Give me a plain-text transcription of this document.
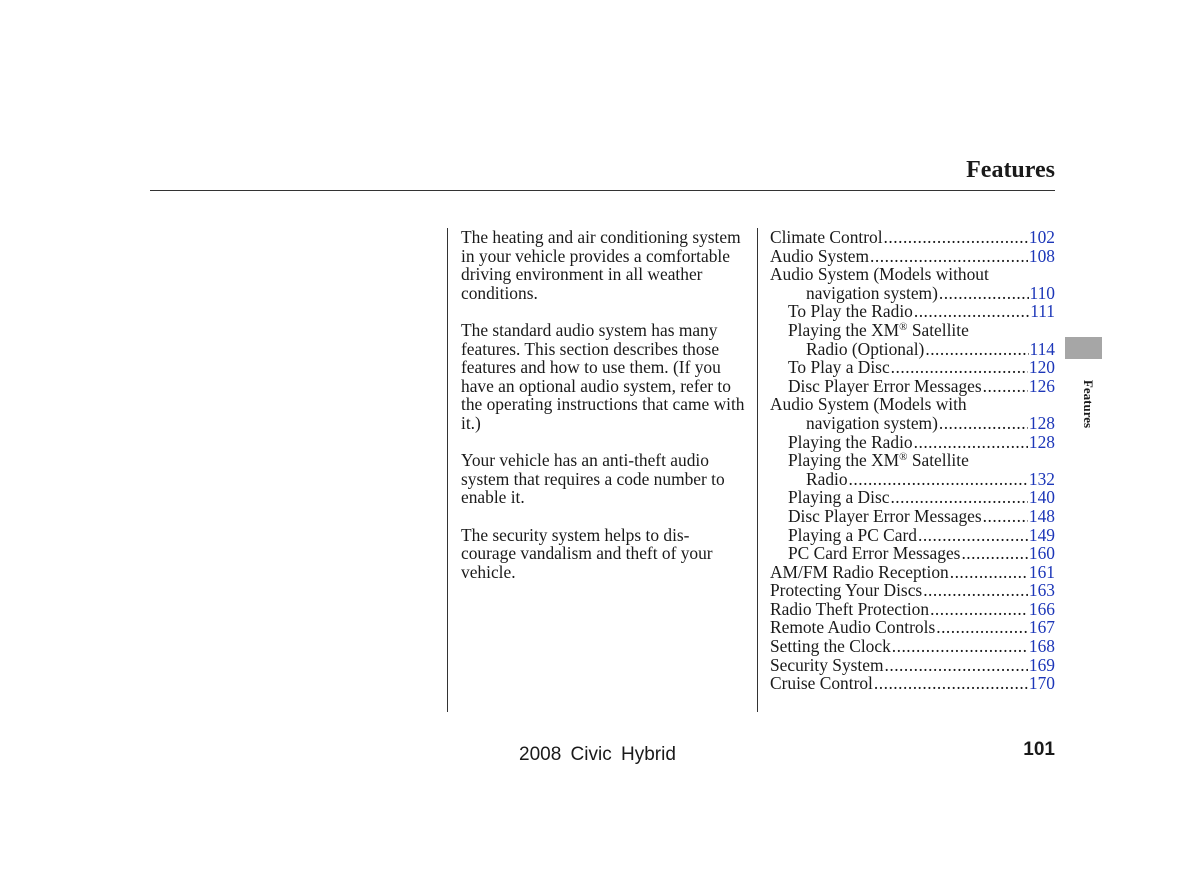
Features

The heating and air conditioning system in your vehicle provides a comfortable driving environment in all weather conditions.

The standard audio system has many features. This section describes those features and how to use them. (If you have an optional audio system, refer to the operating instructions that came with it.)

Your vehicle has an anti-theft audio system that requires a code number to enable it.

The security system helps to dis- courage vandalism and theft of your vehicle.

Climate Control .....	102
Audio System .....	108
Audio System (Models without
navigation system) .....	110
To Play the Radio .....	111
Playing the XM® Satellite
Radio (Optional) .....	114
To Play a Disc .....	120
Disc Player Error Messages .....	126
Audio System (Models with
navigation system) .....	128
Playing the Radio .....	128
Playing the XM® Satellite
Radio .....	132
Playing a Disc .....	140
Disc Player Error Messages .....	148
Playing a PC Card .....	149
PC Card Error Messages .....	160
AM/FM Radio Reception .....	161
Protecting Your Discs .....	163
Radio Theft Protection .....	166
Remote Audio Controls .....	167
Setting the Clock .....	168
Security System .....	169
Cruise Control .....	170
Features
2008 Civic Hybrid	101
